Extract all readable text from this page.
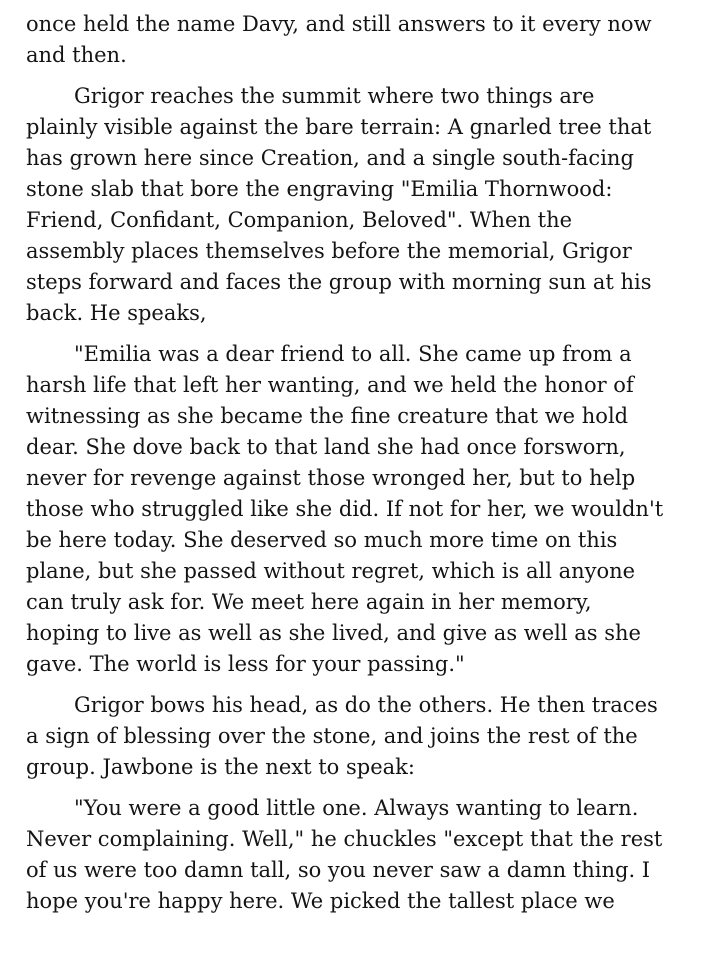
once held the name Davy, and still answers to it every now
and then.
Grigor reaches the summit where two things are
plainly visible against the bare terrain: A gnarled tree that
has grown here since Creation, and a single south-facing
stone slab that bore the engraving "Emilia Thornwood:
Friend, Confidant, Companion, Beloved". When the
assembly places themselves before the memorial, Grigor
steps forward and faces the group with morning sun at his
back. He speaks,
"Emilia was a dear friend to all. She came up from a
harsh life that left her wanting, and we held the honor of
witnessing as she became the fine creature that we hold
dear. She dove back to that land she had once forsworn,
never for revenge against those wronged her, but to help
those who struggled like she did. If not for her, we wouldn't
be here today. She deserved so much more time on this
plane, but she passed without regret, which is all anyone
can truly ask for. We meet here again in her memory,
hoping to live as well as she lived, and give as well as she
gave. The world is less for your passing."
Grigor bows his head, as do the others. He then traces
a sign of blessing over the stone, and joins the rest of the
group. Jawbone is the next to speak:
"You were a good little one. Always wanting to learn.
Never complaining. Well," he chuckles "except that the rest
of us were too damn tall, so you never saw a damn thing. I
hope you're happy here. We picked the tallest place we
